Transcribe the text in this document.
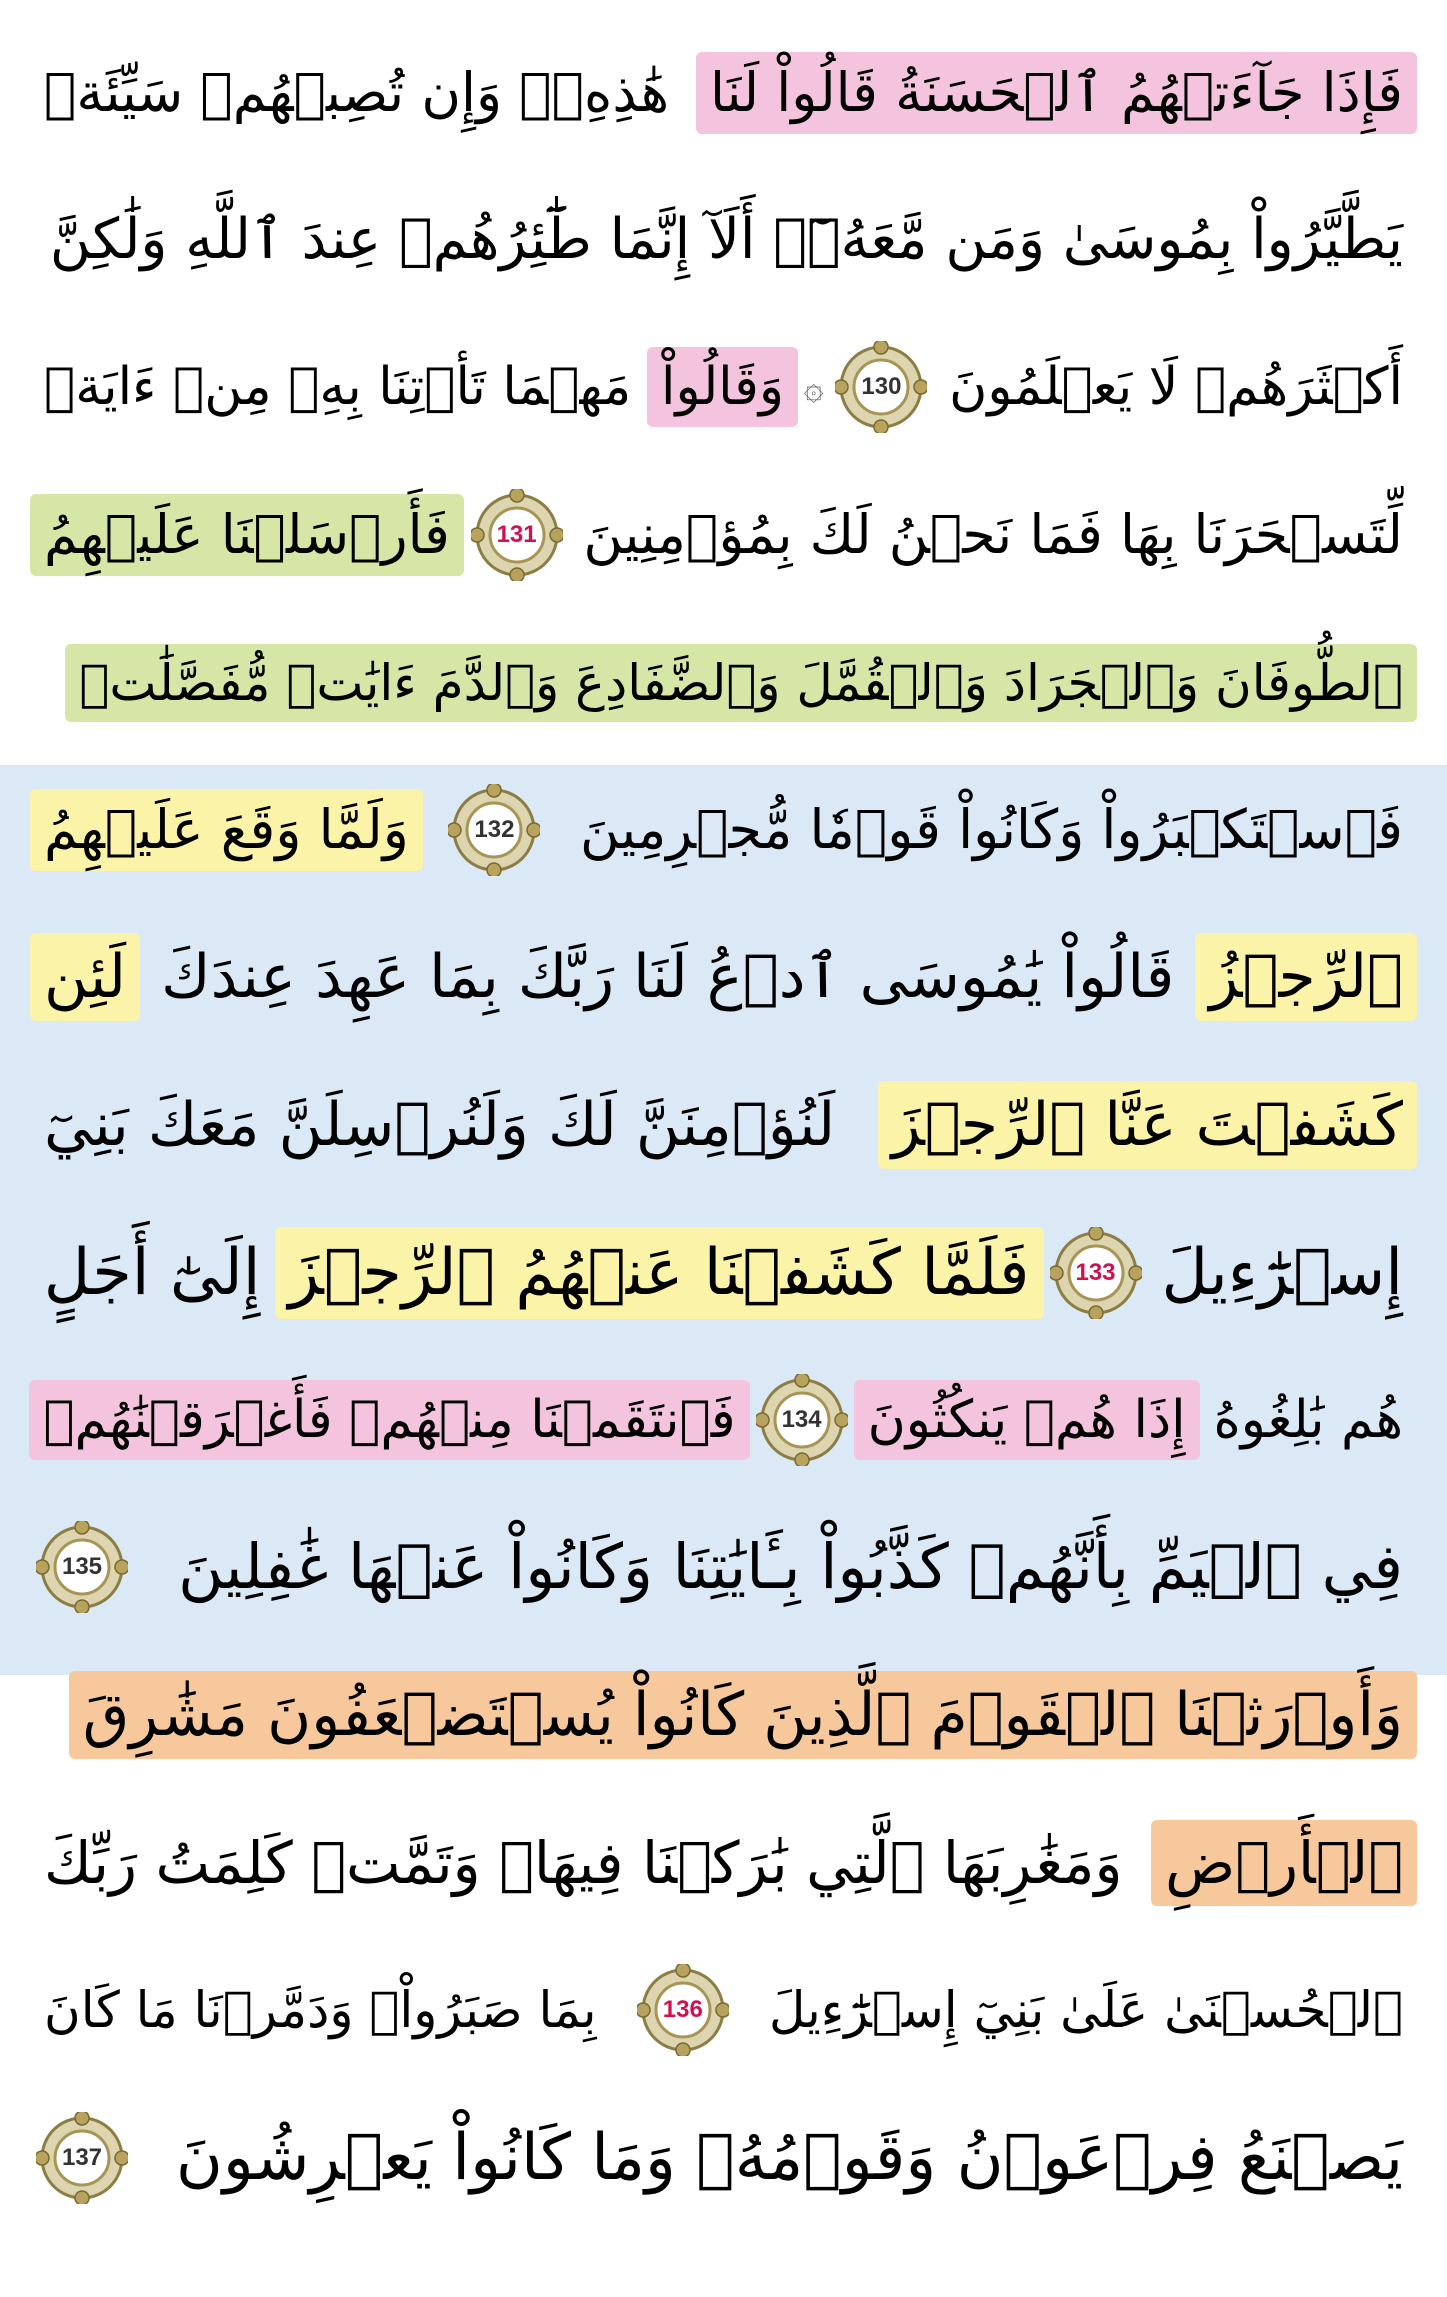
فَإِذَا جَآءَتۡهُمُ ٱلۡحَسَنَةُ قَالُواْ لَنَا
هَٰذِهِۦۖ وَإِن تُصِبۡهُمۡ سَيِّئَةٞ
يَطَّيَّرُواْ بِمُوسَىٰ وَمَن مَّعَهُۥٓۗ أَلَآ إِنَّمَا طَٰٓئِرُهُمۡ عِندَ ٱللَّهِ وَلَٰكِنَّ
أَكۡثَرَهُمۡ لَا يَعۡلَمُونَ
130
۞
وَقَالُواْ
مَهۡمَا تَأۡتِنَا بِهِۦ مِنۡ ءَايَةٖ
لِّتَسۡحَرَنَا بِهَا فَمَا نَحۡنُ لَكَ بِمُؤۡمِنِينَ
131
فَأَرۡسَلۡنَا عَلَيۡهِمُ
ٱلطُّوفَانَ وَٱلۡجَرَادَ وَٱلۡقُمَّلَ وَٱلضَّفَادِعَ وَٱلدَّمَ ءَايَٰتٖ مُّفَصَّلَٰتٖ
فَٱسۡتَكۡبَرُواْ وَكَانُواْ قَوۡمٗا مُّجۡرِمِينَ
132
وَلَمَّا وَقَعَ عَلَيۡهِمُ
ٱلرِّجۡزُ
قَالُواْ يَٰمُوسَى ٱدۡعُ لَنَا رَبَّكَ بِمَا عَهِدَ عِندَكَ
لَئِن
كَشَفۡتَ عَنَّا ٱلرِّجۡزَ
لَنُؤۡمِنَنَّ لَكَ وَلَنُرۡسِلَنَّ مَعَكَ بَنِيٓ
إِسۡرَٰٓءِيلَ
133
فَلَمَّا كَشَفۡنَا عَنۡهُمُ ٱلرِّجۡزَ
إِلَىٰٓ أَجَلٍ
هُم بَٰلِغُوهُ
إِذَا هُمۡ يَنكُثُونَ
134
فَٱنتَقَمۡنَا مِنۡهُمۡ فَأَغۡرَقۡنَٰهُمۡ
فِي ٱلۡيَمِّ بِأَنَّهُمۡ كَذَّبُواْ بِـَٔايَٰتِنَا وَكَانُواْ عَنۡهَا غَٰفِلِينَ
135
وَأَوۡرَثۡنَا ٱلۡقَوۡمَ ٱلَّذِينَ كَانُواْ يُسۡتَضۡعَفُونَ مَشَٰرِقَ
ٱلۡأَرۡضِ
وَمَغَٰرِبَهَا ٱلَّتِي بَٰرَكۡنَا فِيهَاۖ وَتَمَّتۡ كَلِمَتُ رَبِّكَ
ٱلۡحُسۡنَىٰ عَلَىٰ بَنِيٓ إِسۡرَٰٓءِيلَ
136
بِمَا صَبَرُواْۖ وَدَمَّرۡنَا مَا كَانَ
يَصۡنَعُ فِرۡعَوۡنُ وَقَوۡمُهُۥ وَمَا كَانُواْ يَعۡرِشُونَ
137
